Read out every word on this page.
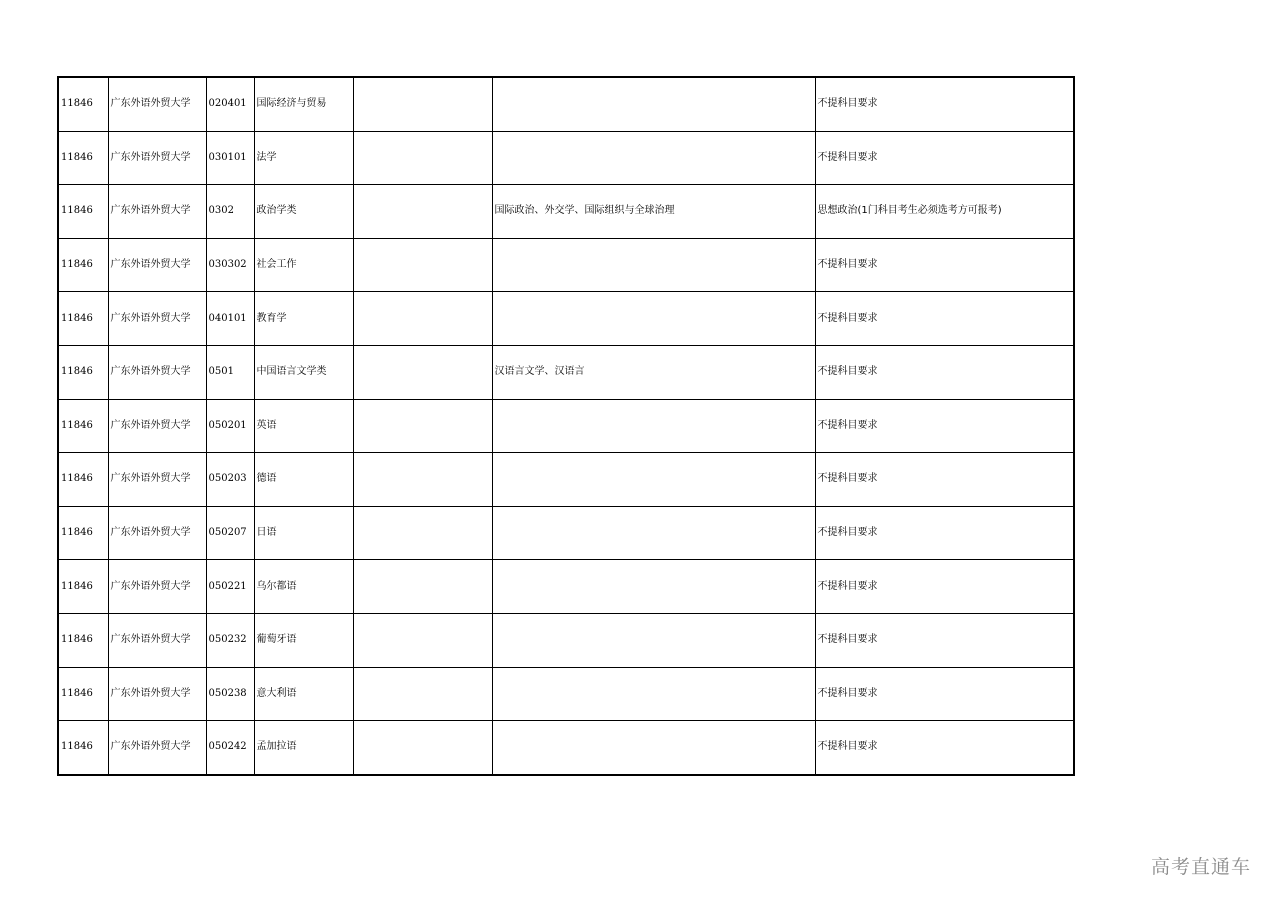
11846	广东外语外贸大学	020401	国际经济与贸易			不提科目要求
11846	广东外语外贸大学	030101	法学			不提科目要求
11846	广东外语外贸大学	0302	政治学类		国际政治、外交学、国际组织与全球治理	思想政治(1门科目考生必须选考方可报考)
11846	广东外语外贸大学	030302	社会工作			不提科目要求
11846	广东外语外贸大学	040101	教育学			不提科目要求
11846	广东外语外贸大学	0501	中国语言文学类		汉语言文学、汉语言	不提科目要求
11846	广东外语外贸大学	050201	英语			不提科目要求
11846	广东外语外贸大学	050203	德语			不提科目要求
11846	广东外语外贸大学	050207	日语			不提科目要求
11846	广东外语外贸大学	050221	乌尔都语			不提科目要求
11846	广东外语外贸大学	050232	葡萄牙语			不提科目要求
11846	广东外语外贸大学	050238	意大利语			不提科目要求
11846	广东外语外贸大学	050242	孟加拉语			不提科目要求
高考直通车
